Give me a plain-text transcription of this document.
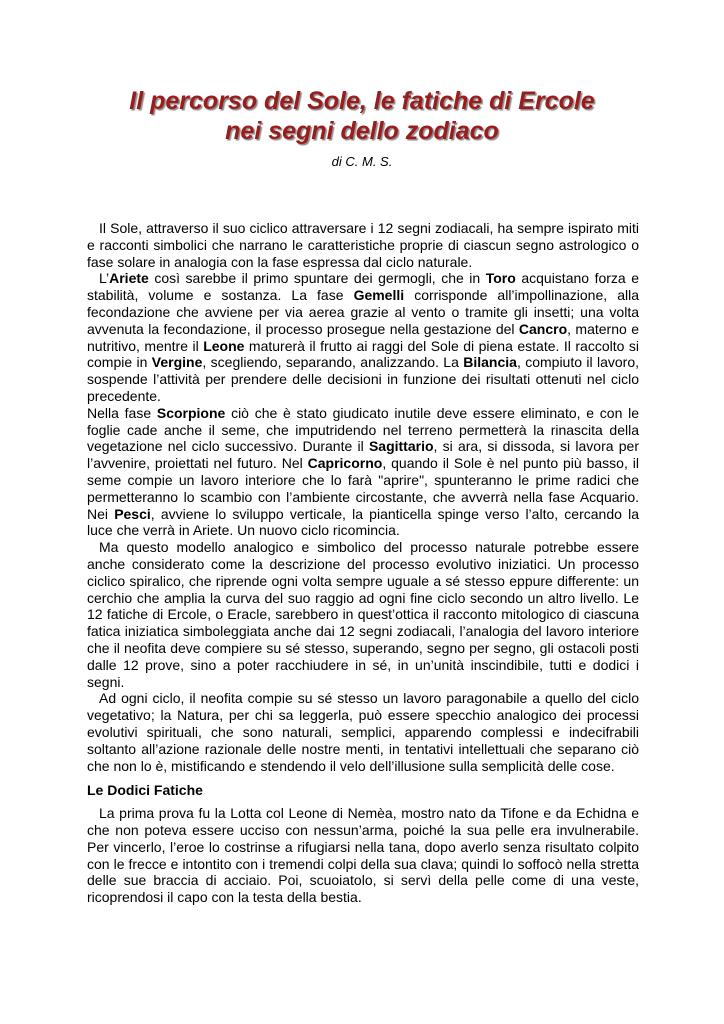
Il percorso del Sole, le fatiche di Ercole
nei segni dello zodiaco

di C. M. S.

Il Sole, attraverso il suo ciclico attraversare i 12 segni zodiacali, ha sempre ispirato miti e racconti simbolici che narrano le caratteristiche proprie di ciascun segno astrologico o fase solare in analogia con la fase espressa dal ciclo naturale.

L’Ariete così sarebbe il primo spuntare dei germogli, che in Toro acquistano forza e stabilità, volume e sostanza. La fase Gemelli corrisponde all’impollinazione, alla fecondazione che avviene per via aerea grazie al vento o tramite gli insetti; una volta avvenuta la fecondazione, il processo prosegue nella gestazione del Cancro, materno e nutritivo, mentre il Leone maturerà il frutto ai raggi del Sole di piena estate. Il raccolto si compie in Vergine, scegliendo, separando, analizzando. La Bilancia, compiuto il lavoro, sospende l’attività per prendere delle decisioni in funzione dei risultati ottenuti nel ciclo precedente.

Nella fase Scorpione ciò che è stato giudicato inutile deve essere eliminato, e con le foglie cade anche il seme, che imputridendo nel terreno permetterà la rinascita della vegetazione nel ciclo successivo. Durante il Sagittario, si ara, si dissoda, si lavora per l’avvenire, proiettati nel futuro. Nel Capricorno, quando il Sole è nel punto più basso, il seme compie un lavoro interiore che lo farà "aprire", spunteranno le prime radici che permetteranno lo scambio con l’ambiente circostante, che avverrà nella fase Acquario. Nei Pesci, avviene lo sviluppo verticale, la pianticella spinge verso l’alto, cercando la luce che verrà in Ariete. Un nuovo ciclo ricomincia.

Ma questo modello analogico e simbolico del processo naturale potrebbe essere anche considerato come la descrizione del processo evolutivo iniziatici. Un processo ciclico spiralico, che riprende ogni volta sempre uguale a sé stesso eppure differente: un cerchio che amplia la curva del suo raggio ad ogni fine ciclo secondo un altro livello. Le 12 fatiche di Ercole, o Eracle, sarebbero in quest’ottica il racconto mitologico di ciascuna fatica iniziatica simboleggiata anche dai 12 segni zodiacali, l’analogia del lavoro interiore che il neofita deve compiere su sé stesso, superando, segno per segno, gli ostacoli posti dalle 12 prove, sino a poter racchiudere in sé, in un’unità inscindibile, tutti e dodici i segni.

Ad ogni ciclo, il neofita compie su sé stesso un lavoro paragonabile a quello del ciclo vegetativo; la Natura, per chi sa leggerla, può essere specchio analogico dei processi evolutivi spirituali, che sono naturali, semplici, apparendo complessi e indecifrabili soltanto all’azione razionale delle nostre menti, in tentativi intellettuali che separano ciò che non lo è, mistificando e stendendo il velo dell’illusione sulla semplicità delle cose.

Le Dodici Fatiche

La prima prova fu la Lotta col Leone di Nemèa, mostro nato da Tifone e da Echidna e che non poteva essere ucciso con nessun’arma, poiché la sua pelle era invulnerabile. Per vincerlo, l’eroe lo costrinse a rifugiarsi nella tana, dopo averlo senza risultato colpito con le frecce e intontito con i tremendi colpi della sua clava; quindi lo soffocò nella stretta delle sue braccia di acciaio. Poi, scuoiatolo, si servì della pelle come di una veste, ricoprendosi il capo con la testa della bestia.
